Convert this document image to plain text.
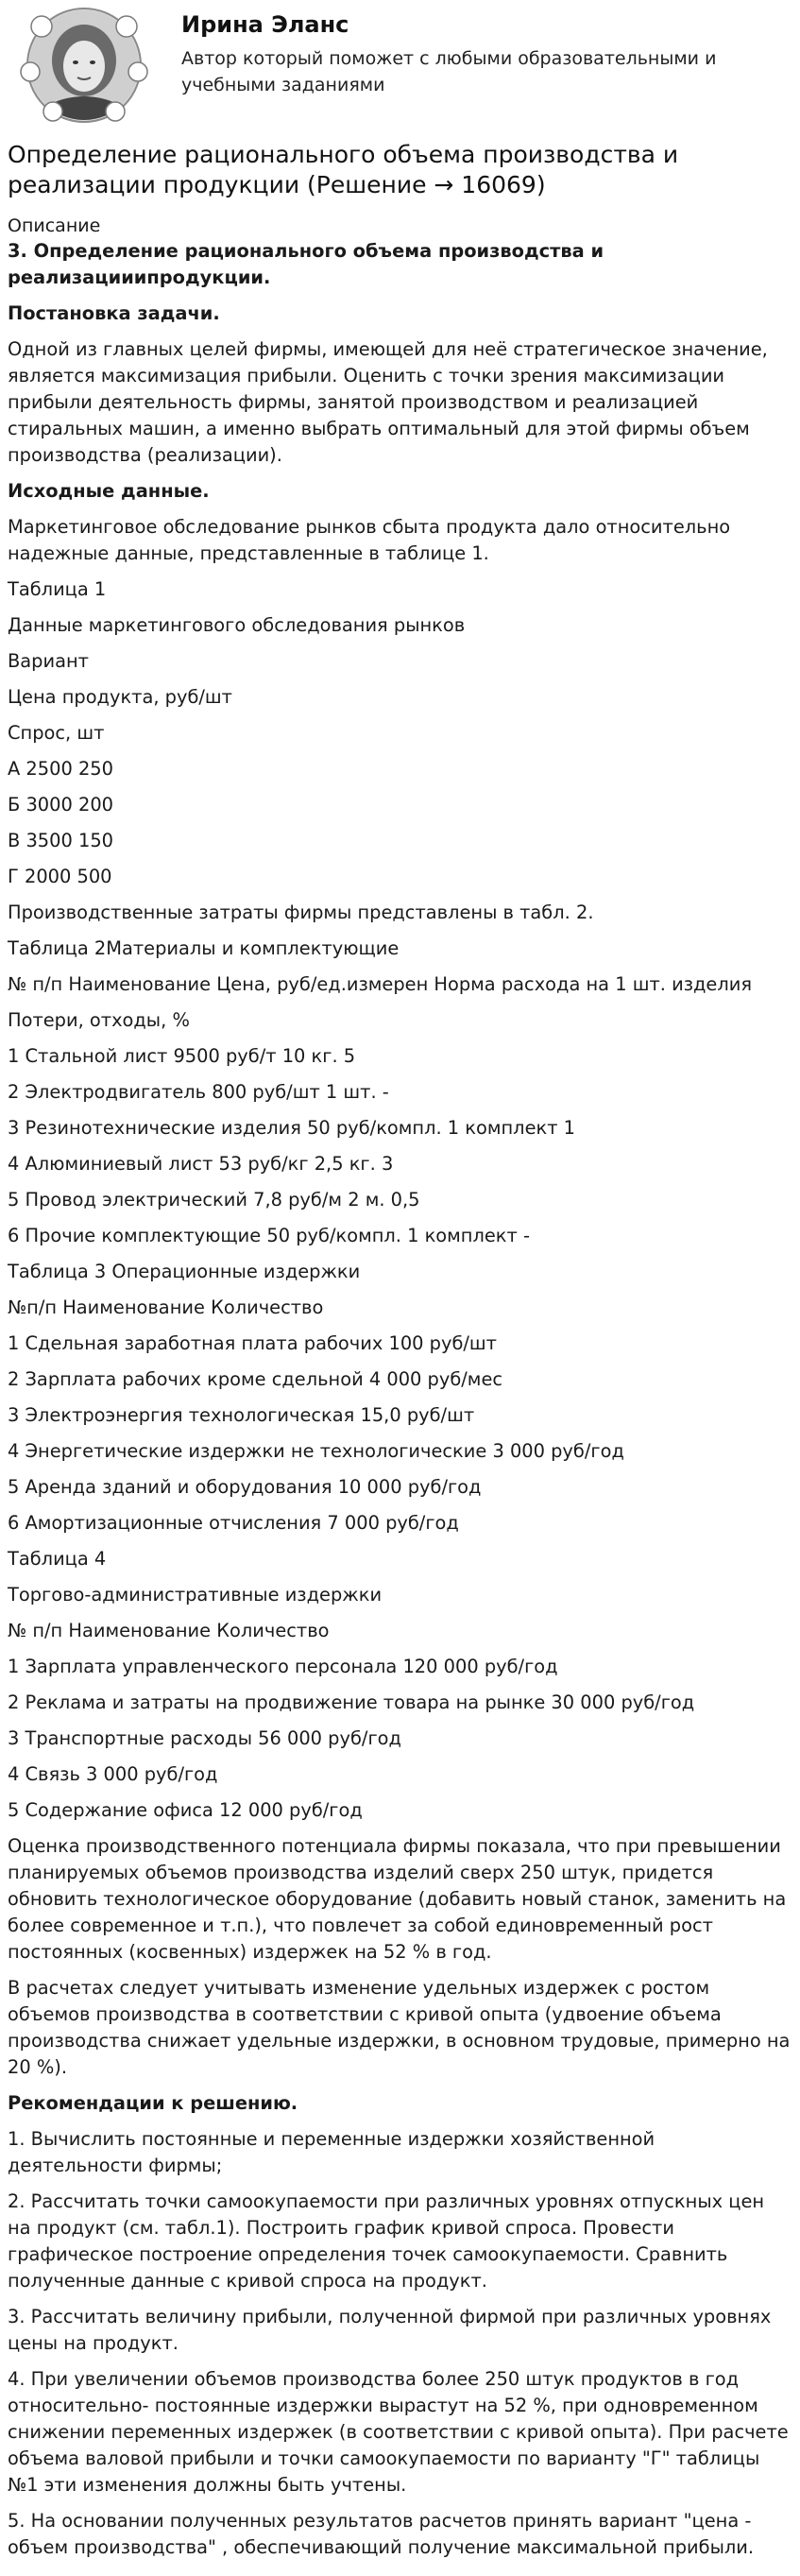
Ирина Эланс
Автор который поможет с любыми образовательными и учебными заданиями
Определение рационального объема производства и реализации продукции (Решение → 16069)
Описание

3. Определение рационального объема производства и реализацииипродукции.

Постановка задачи.

Одной из главных целей фирмы, имеющей для неё стратегическое значение, является максимизация прибыли. Оценить с точки зрения максимизации прибыли деятельность фирмы, занятой производством и реализацией стиральных машин, а именно выбрать оптимальный для этой фирмы объем производства (реализации).

Исходные данные.

Маркетинговое обследование рынков сбыта продукта дало относительно надежные данные, представленные в таблице 1.

Таблица 1

Данные маркетингового обследования рынков

Вариант

Цена продукта, руб/шт

Спрос, шт

А 2500 250

Б 3000 200

В 3500 150

Г 2000 500

Производственные затраты фирмы представлены в табл. 2.

Таблица 2Материалы и комплектующие

№ п/п Наименование Цена, руб/ед.измерен Норма расхода на 1 шт. изделия

Потери, отходы, %

1 Стальной лист 9500 руб/т 10 кг. 5

2 Электродвигатель 800 руб/шт 1 шт. -

3 Резинотехнические изделия 50 руб/компл. 1 комплект 1

4 Алюминиевый лист 53 руб/кг 2,5 кг. 3

5 Провод электрический 7,8 руб/м 2 м. 0,5

6 Прочие комплектующие 50 руб/компл. 1 комплект -

Таблица 3 Операционные издержки

№п/п Наименование Количество

1 Сдельная заработная плата рабочих 100 руб/шт

2 Зарплата рабочих кроме сдельной 4 000 руб/мес

3 Электроэнергия технологическая 15,0 руб/шт

4 Энергетические издержки не технологические 3 000 руб/год

5 Аренда зданий и оборудования 10 000 руб/год

6 Амортизационные отчисления 7 000 руб/год

Таблица 4

Торгово-административные издержки

№ п/п Наименование Количество

1 Зарплата управленческого персонала 120 000 руб/год

2 Реклама и затраты на продвижение товара на рынке 30 000 руб/год

3 Транспортные расходы 56 000 руб/год

4 Связь 3 000 руб/год

5 Содержание офиса 12 000 руб/год

Оценка производственного потенциала фирмы показала, что при превышении планируемых объемов производства изделий сверх 250 штук, придется обновить технологическое оборудование (добавить новый станок, заменить на более современное и т.п.), что повлечет за собой единовременный рост постоянных (косвенных) издержек на 52 % в год.

В расчетах следует учитывать изменение удельных издержек с ростом объемов производства в соответствии с кривой опыта (удвоение объема производства снижает удельные издержки, в основном трудовые, примерно на 20 %).

Рекомендации к решению.

1. Вычислить постоянные и переменные издержки хозяйственной деятельности фирмы;

2. Рассчитать точки самоокупаемости при различных уровнях отпускных цен на продукт (см. табл.1). Построить график кривой спроса. Провести графическое построение определения точек самоокупаемости. Сравнить полученные данные с кривой спроса на продукт.

3. Рассчитать величину прибыли, полученной фирмой при различных уровнях цены на продукт.

4. При увеличении объемов производства более 250 штук продуктов в год относительно- постоянные издержки вырастут на 52 %, при одновременном снижении переменных издержек (в соответствии с кривой опыта). При расчете объема валовой прибыли и точки самоокупаемости по варианту "Г" таблицы №1 эти изменения должны быть учтены.

5. На основании полученных результатов расчетов принять вариант "цена - объем производства" , обеспечивающий получение максимальной прибыли.
